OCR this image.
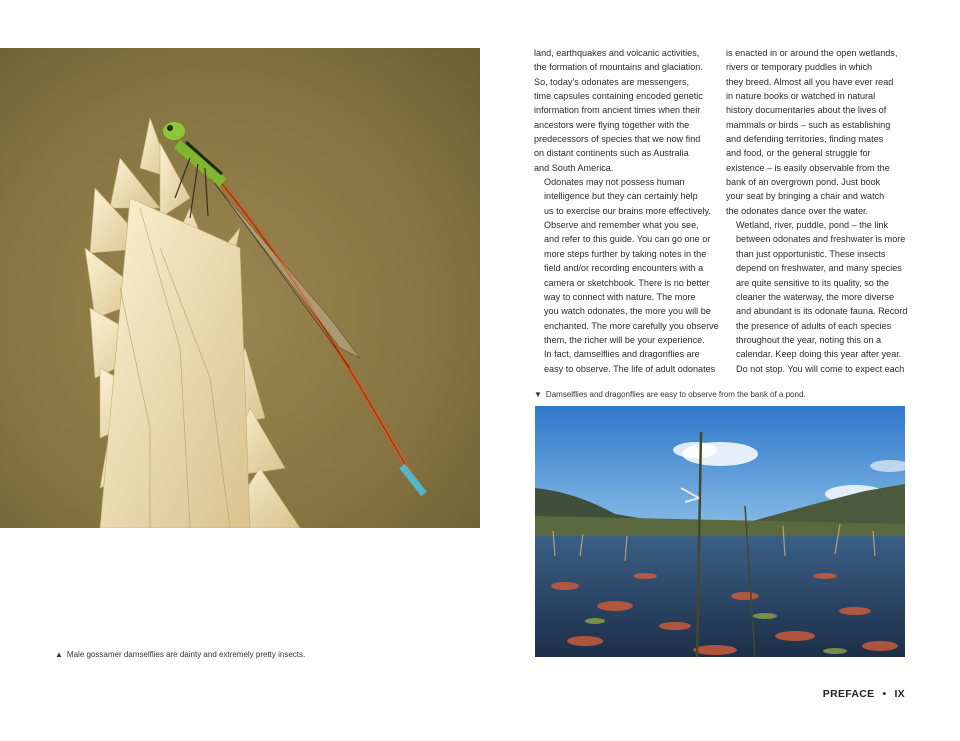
▲ Male gossamer damselflies are dainty and extremely pretty insects.

land, earthquakes and volcanic activities,
the formation of mountains and glaciation.
So, today’s odonates are messengers,
time capsules containing encoded genetic
information from ancient times when their
ancestors were flying together with the
predecessors of species that we now find
on distant continents such as Australia
and South America.

Odonates may not possess human
intelligence but they can certainly help
us to exercise our brains more effectively.
Observe and remember what you see,
and refer to this guide. You can go one or
more steps further by taking notes in the
field and/or recording encounters with a
camera or sketchbook. There is no better
way to connect with nature. The more
you watch odonates, the more you will be
enchanted. The more carefully you observe
them, the richer will be your experience.

In fact, damselflies and dragonflies are
easy to observe. The life of adult odonates

is enacted in or around the open wetlands,
rivers or temporary puddles in which
they breed. Almost all you have ever read
in nature books or watched in natural
history documentaries about the lives of
mammals or birds – such as establishing
and defending territories, finding mates
and food, or the general struggle for
existence – is easily observable from the
bank of an overgrown pond. Just book
your seat by bringing a chair and watch
the odonates dance over the water.

Wetland, river, puddle, pond – the link
between odonates and freshwater is more
than just opportunistic. These insects
depend on freshwater, and many species
are quite sensitive to its quality, so the
cleaner the waterway, the more diverse
and abundant is its odonate fauna. Record
the presence of adults of each species
throughout the year, noting this on a
calendar. Keep doing this year after year.
Do not stop. You will come to expect each

▼ Damselflies and dragonflies are easy to observe from the bank of a pond.
PREFACE • IX
